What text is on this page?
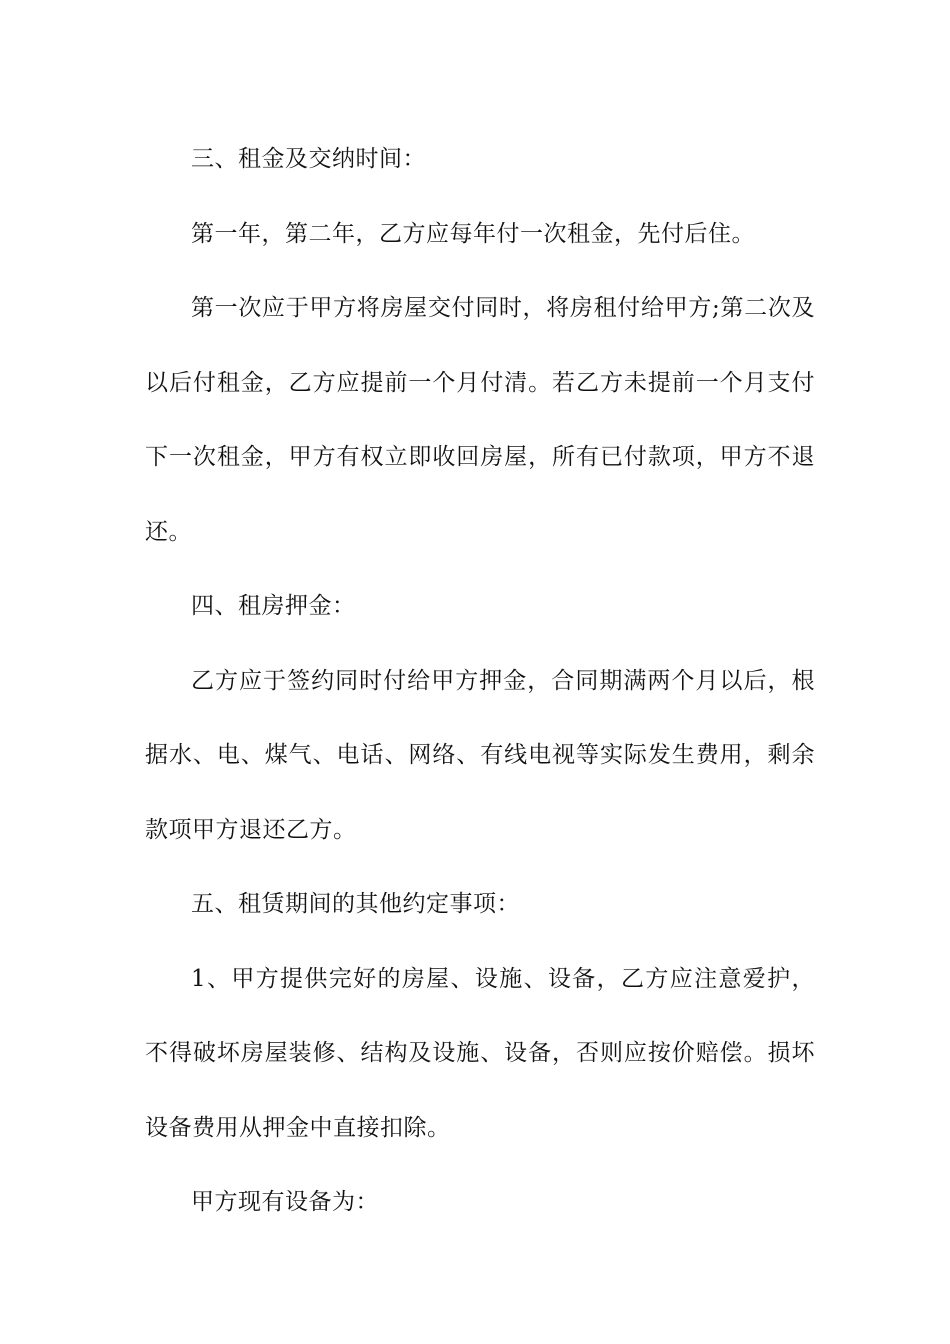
三、租金及交纳时间：

第一年，第二年，乙方应每年付一次租金，先付后住。

第一次应于甲方将房屋交付同时，将房租付给甲方;第二次及以后付租金，乙方应提前一个月付清。若乙方未提前一个月支付下一次租金，甲方有权立即收回房屋，所有已付款项，甲方不退还。

四、租房押金：

乙方应于签约同时付给甲方押金，合同期满两个月以后，根据水、电、煤气、电话、网络、有线电视等实际发生费用，剩余款项甲方退还乙方。

五、租赁期间的其他约定事项：

1、甲方提供完好的房屋、设施、设备，乙方应注意爱护，不得破坏房屋装修、结构及设施、设备，否则应按价赔偿。损坏设备费用从押金中直接扣除。

甲方现有设备为：
